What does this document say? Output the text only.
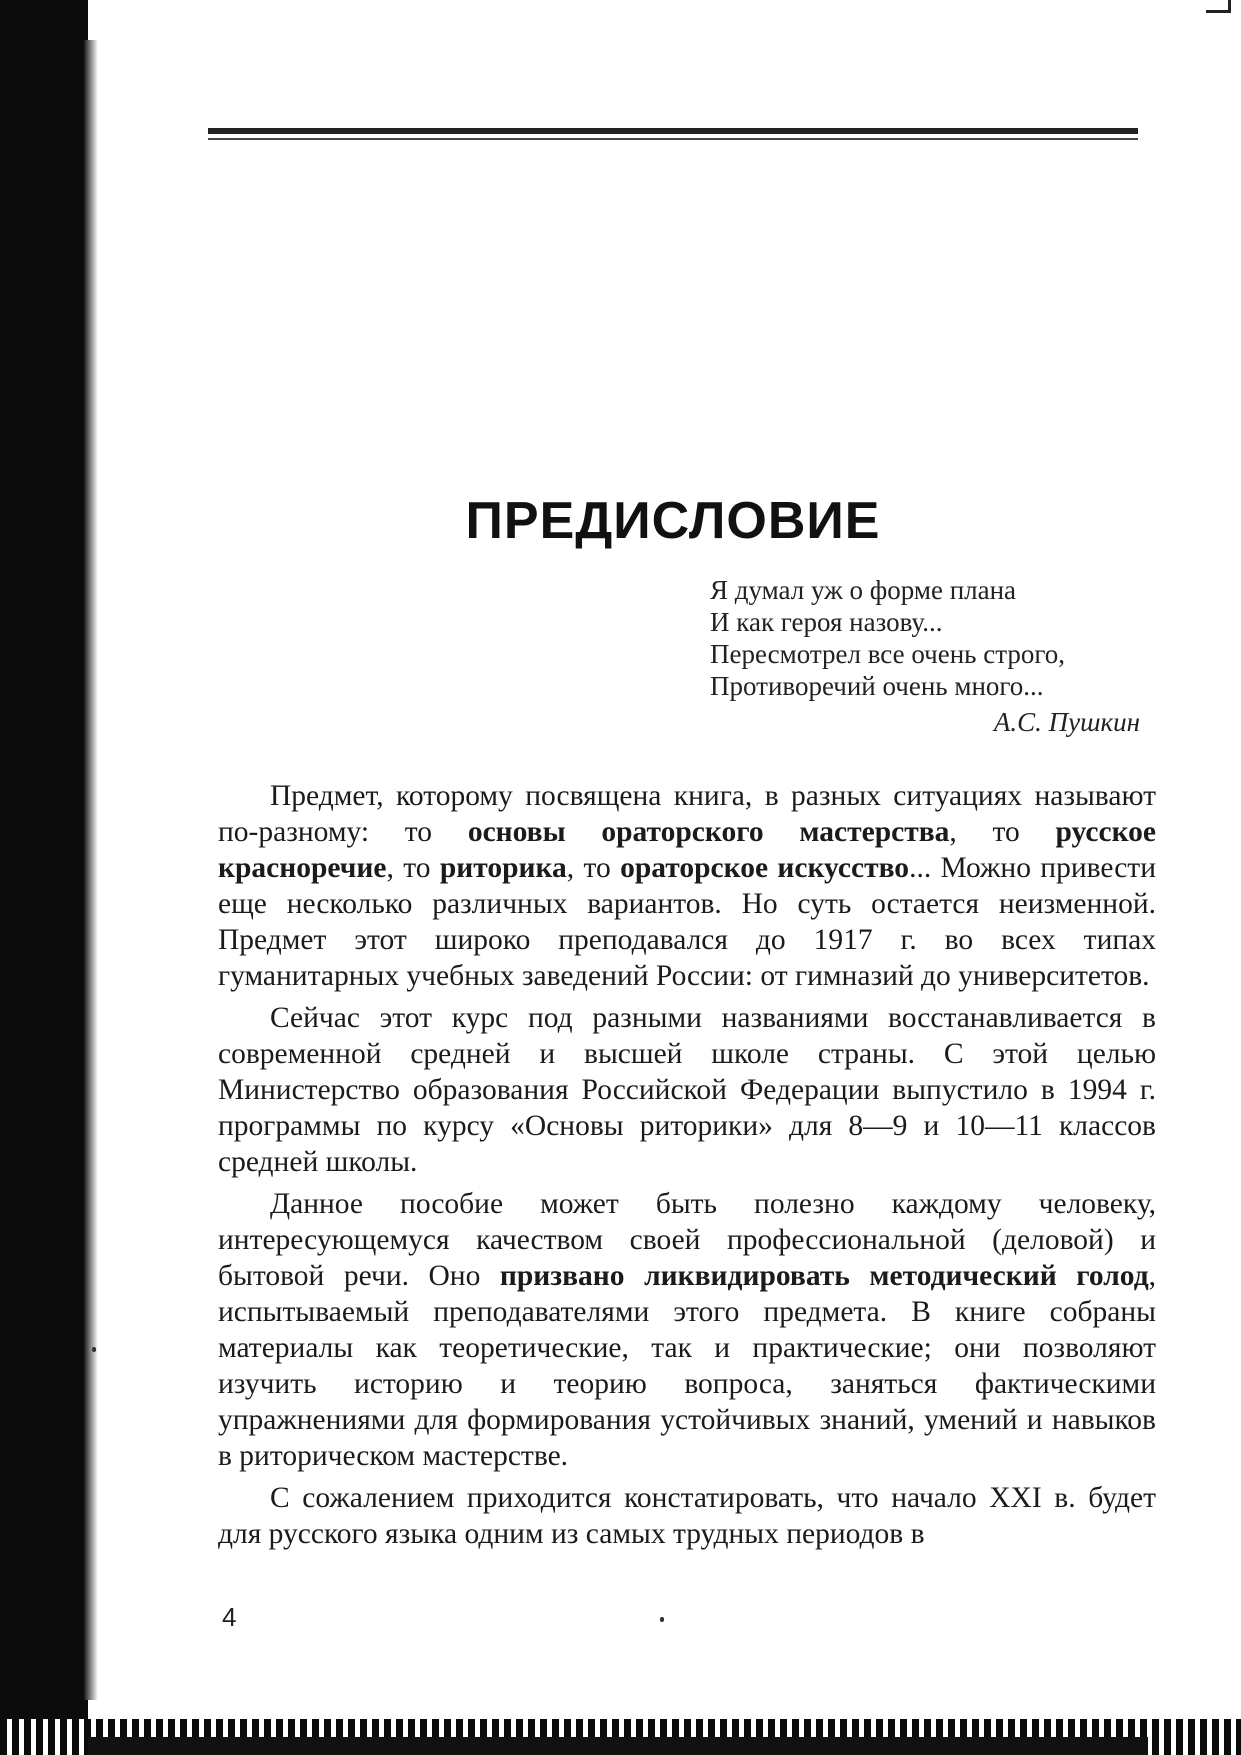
ПРЕДИСЛОВИЕ
Я думал уж о форме плана
И как героя назову...
Пересмотрел все очень строго,
Противоречий очень много...
А.С. Пушкин

Предмет, которому посвящена книга, в разных ситуациях называют по-разному: то основы ораторского мастерства, то русское красноречие, то риторика, то ораторское искусство... Можно привести еще несколько различных вариантов. Но суть остается неизменной. Предмет этот широко преподавался до 1917 г. во всех типах гуманитарных учебных заведений России: от гимназий до университетов.

Сейчас этот курс под разными названиями восстанавливается в современной средней и высшей школе страны. С этой целью Министерство образования Российской Федерации выпустило в 1994 г. программы по курсу «Основы риторики» для 8—9 и 10—11 классов средней школы.

Данное пособие может быть полезно каждому человеку, интересующемуся качеством своей профессиональной (деловой) и бытовой речи. Оно призвано ликвидировать методический голод, испытываемый преподавателями этого предмета. В книге собраны материалы как теоретические, так и практические; они позволяют изучить историю и теорию вопроса, заняться фактическими упражнениями для формирования устойчивых знаний, умений и навыков в риторическом мастерстве.

С сожалением приходится констатировать, что начало XXI в. будет для русского языка одним из самых трудных периодов в

4
